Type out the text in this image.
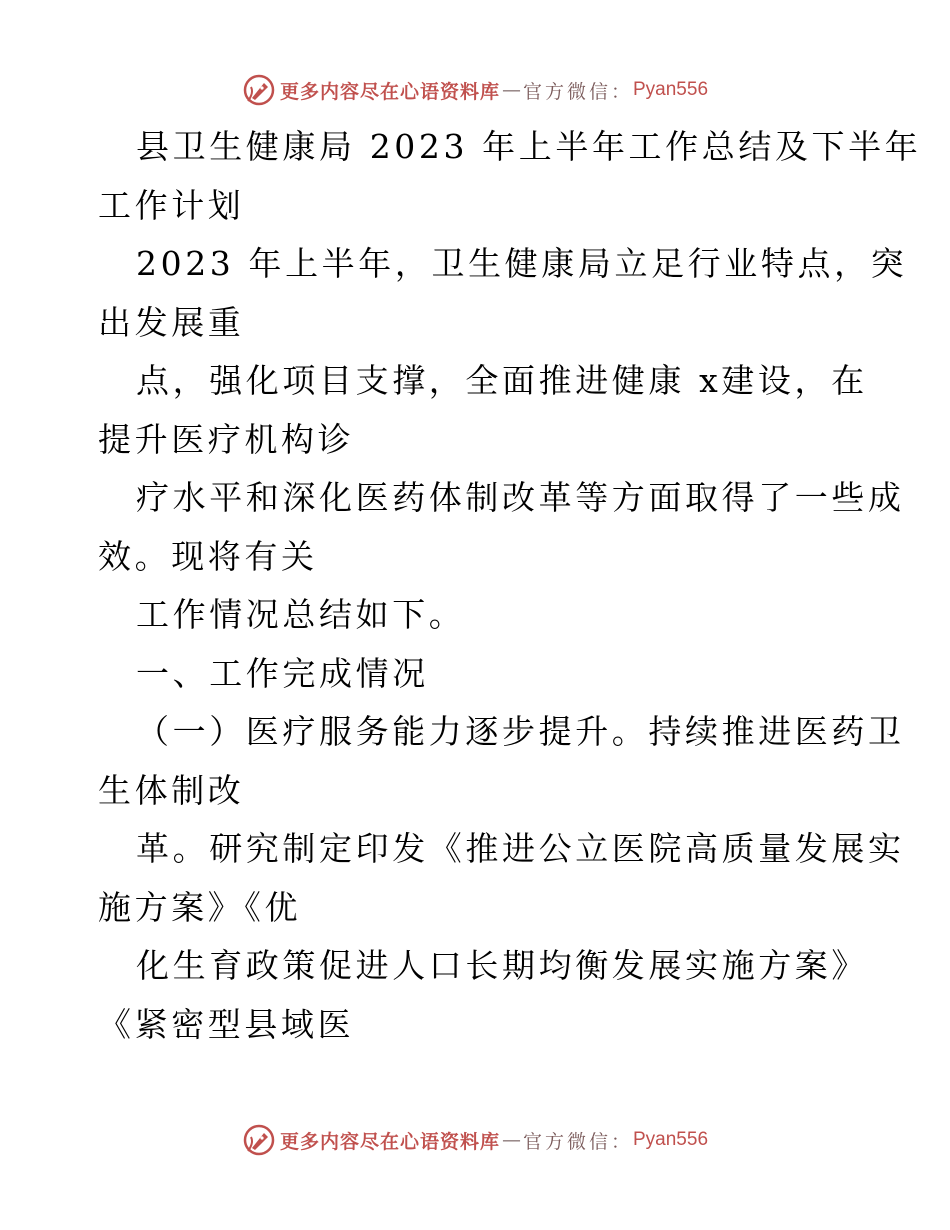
更多内容尽在心语资料库 — 官方微信： Pyan556
县卫生健康局 2023 年上半年工作总结及下半年
工作计划
2023 年上半年，卫生健康局立足行业特点，突
出发展重
点，强化项目支撑，全面推进健康 x建设，在
提升医疗机构诊
疗水平和深化医药体制改革等方面取得了一些成
效。现将有关
工作情况总结如下。
一、工作完成情况
（一）医疗服务能力逐步提升。持续推进医药卫
生体制改
革。研究制定印发《推进公立医院高质量发展实
施方案》《优
化生育政策促进人口长期均衡发展实施方案》
《紧密型县域医
更多内容尽在心语资料库 — 官方微信： Pyan556
